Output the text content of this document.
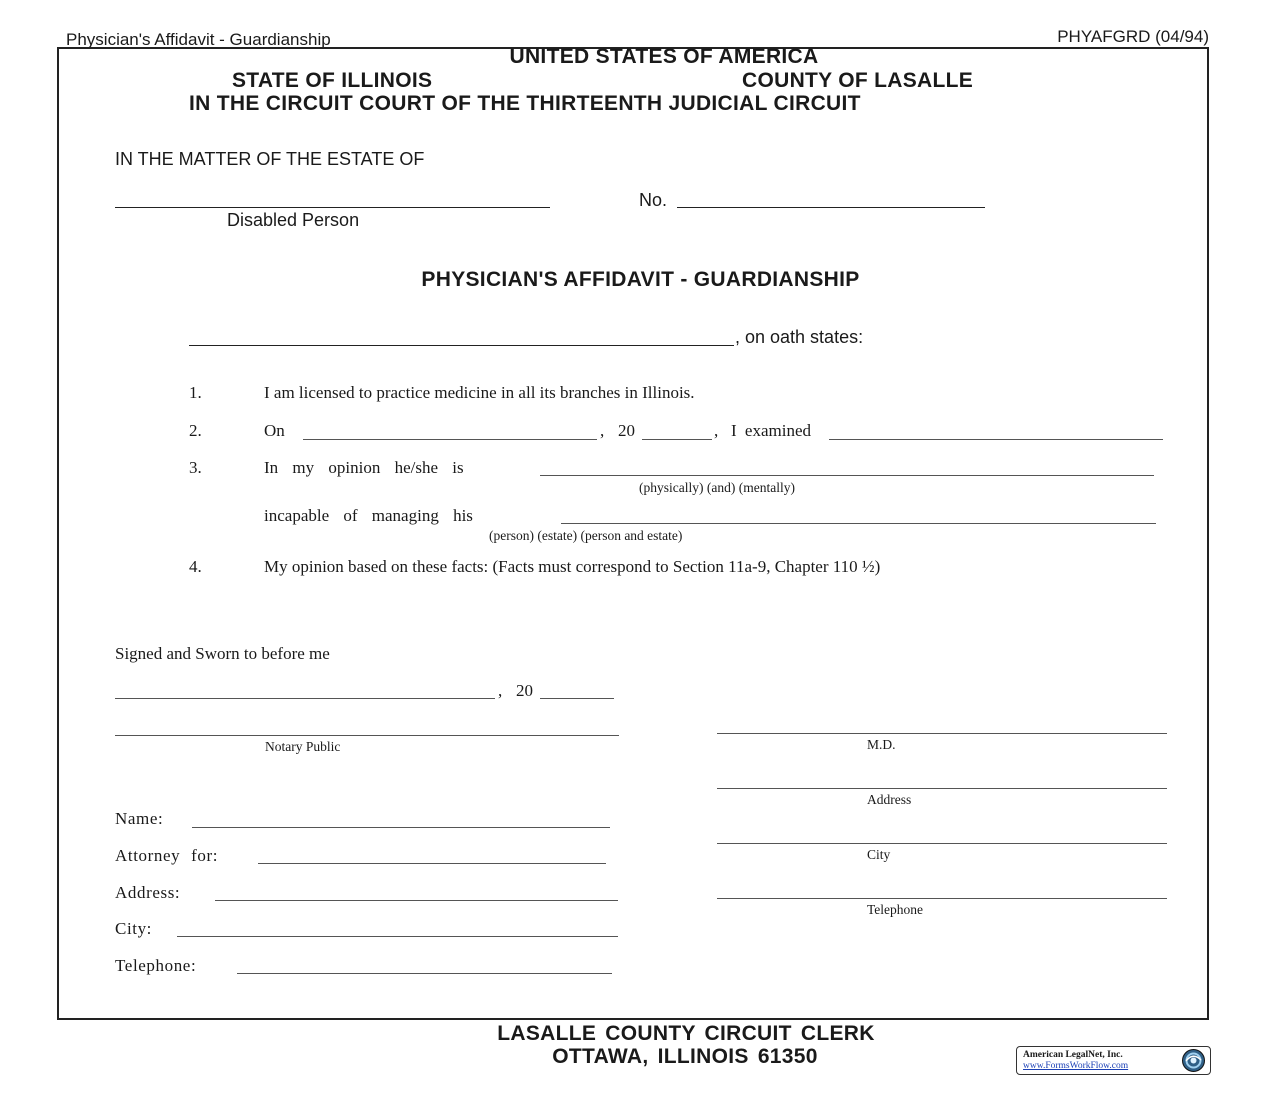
Physician's Affidavit - Guardianship	PHYAFGRD (04/94)
UNITED STATES OF AMERICA
STATE OF ILLINOIS	COUNTY OF LASALLE
IN THE CIRCUIT COURT OF THE THIRTEENTH JUDICIAL CIRCUIT
IN THE MATTER OF THE ESTATE OF
Disabled Person
No.
PHYSICIAN'S AFFIDAVIT - GUARDIANSHIP
, on oath states:
1.	I am licensed to practice medicine in all its branches in Illinois.
2.	On	, 20	, I examined
3.	In my opinion he/she is
(physically) (and) (mentally)
incapable of managing his
(person) (estate) (person and estate)
4.	My opinion based on these facts: (Facts must correspond to Section 11a-9, Chapter 110 ½)
Signed and Sworn to before me
, 20
Notary Public	M.D.
Address
City
Telephone
Name:
Attorney for:
Address:
City:
Telephone:
LASALLE COUNTY CIRCUIT CLERK
OTTAWA, ILLINOIS 61350	American LegalNet, Inc.
www.FormsWorkFlow.com
